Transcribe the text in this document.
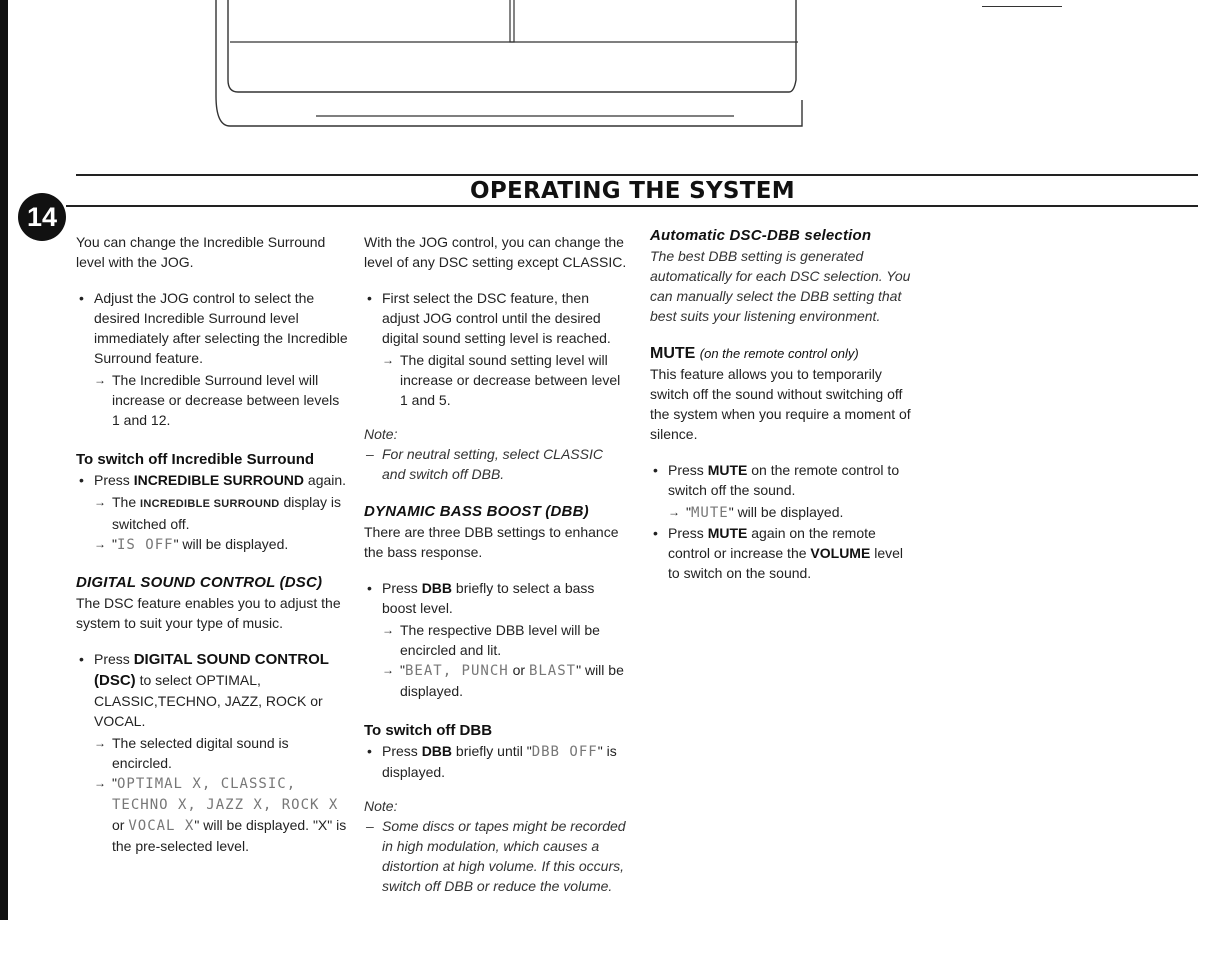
14
OPERATING THE SYSTEM

You can change the Incredible Surround level with the JOG.

• Adjust the JOG control to select the desired Incredible Surround level immediately after selecting the Incredible Surround feature.
→ The Incredible Surround level will increase or decrease between levels 1 and 12.
To switch off Incredible Surround
• Press INCREDIBLE SURROUND again.
→ The INCREDIBLE SURROUND display is switched off.
→ "IS OFF" will be displayed.
DIGITAL SOUND CONTROL (DSC)

The DSC feature enables you to adjust the system to suit your type of music.

• Press DIGITAL SOUND CONTROL (DSC) to select OPTIMAL, CLASSIC,TECHNO, JAZZ, ROCK or VOCAL.
→ The selected digital sound is encircled.
→ "OPTIMAL X, CLASSIC, TECHNO X, JAZZ X, ROCK X or VOCAL X" will be displayed. "X" is the pre-selected level.

With the JOG control, you can change the level of any DSC setting except CLASSIC.

• First select the DSC feature, then adjust JOG control until the desired digital sound setting level is reached.
→ The digital sound setting level will increase or decrease between level 1 and 5.
Note:
– For neutral setting, select CLASSIC and switch off DBB.
DYNAMIC BASS BOOST (DBB)

There are three DBB settings to enhance the bass response.

• Press DBB briefly to select a bass boost level.
→ The respective DBB level will be encircled and lit.
→ "BEAT, PUNCH or BLAST" will be displayed.
To switch off DBB
• Press DBB briefly until "DBB OFF" is displayed.
Note:
– Some discs or tapes might be recorded in high modulation, which causes a distortion at high volume. If this occurs, switch off DBB or reduce the volume.
Automatic DSC-DBB selection

The best DBB setting is generated automatically for each DSC selection. You can manually select the DBB setting that best suits your listening environment.

MUTE (on the remote control only)

This feature allows you to temporarily switch off the sound without switching off the system when you require a moment of silence.

• Press MUTE on the remote control to switch off the sound.
→ "MUTE" will be displayed.
• Press MUTE again on the remote control or increase the VOLUME level to switch on the sound.
